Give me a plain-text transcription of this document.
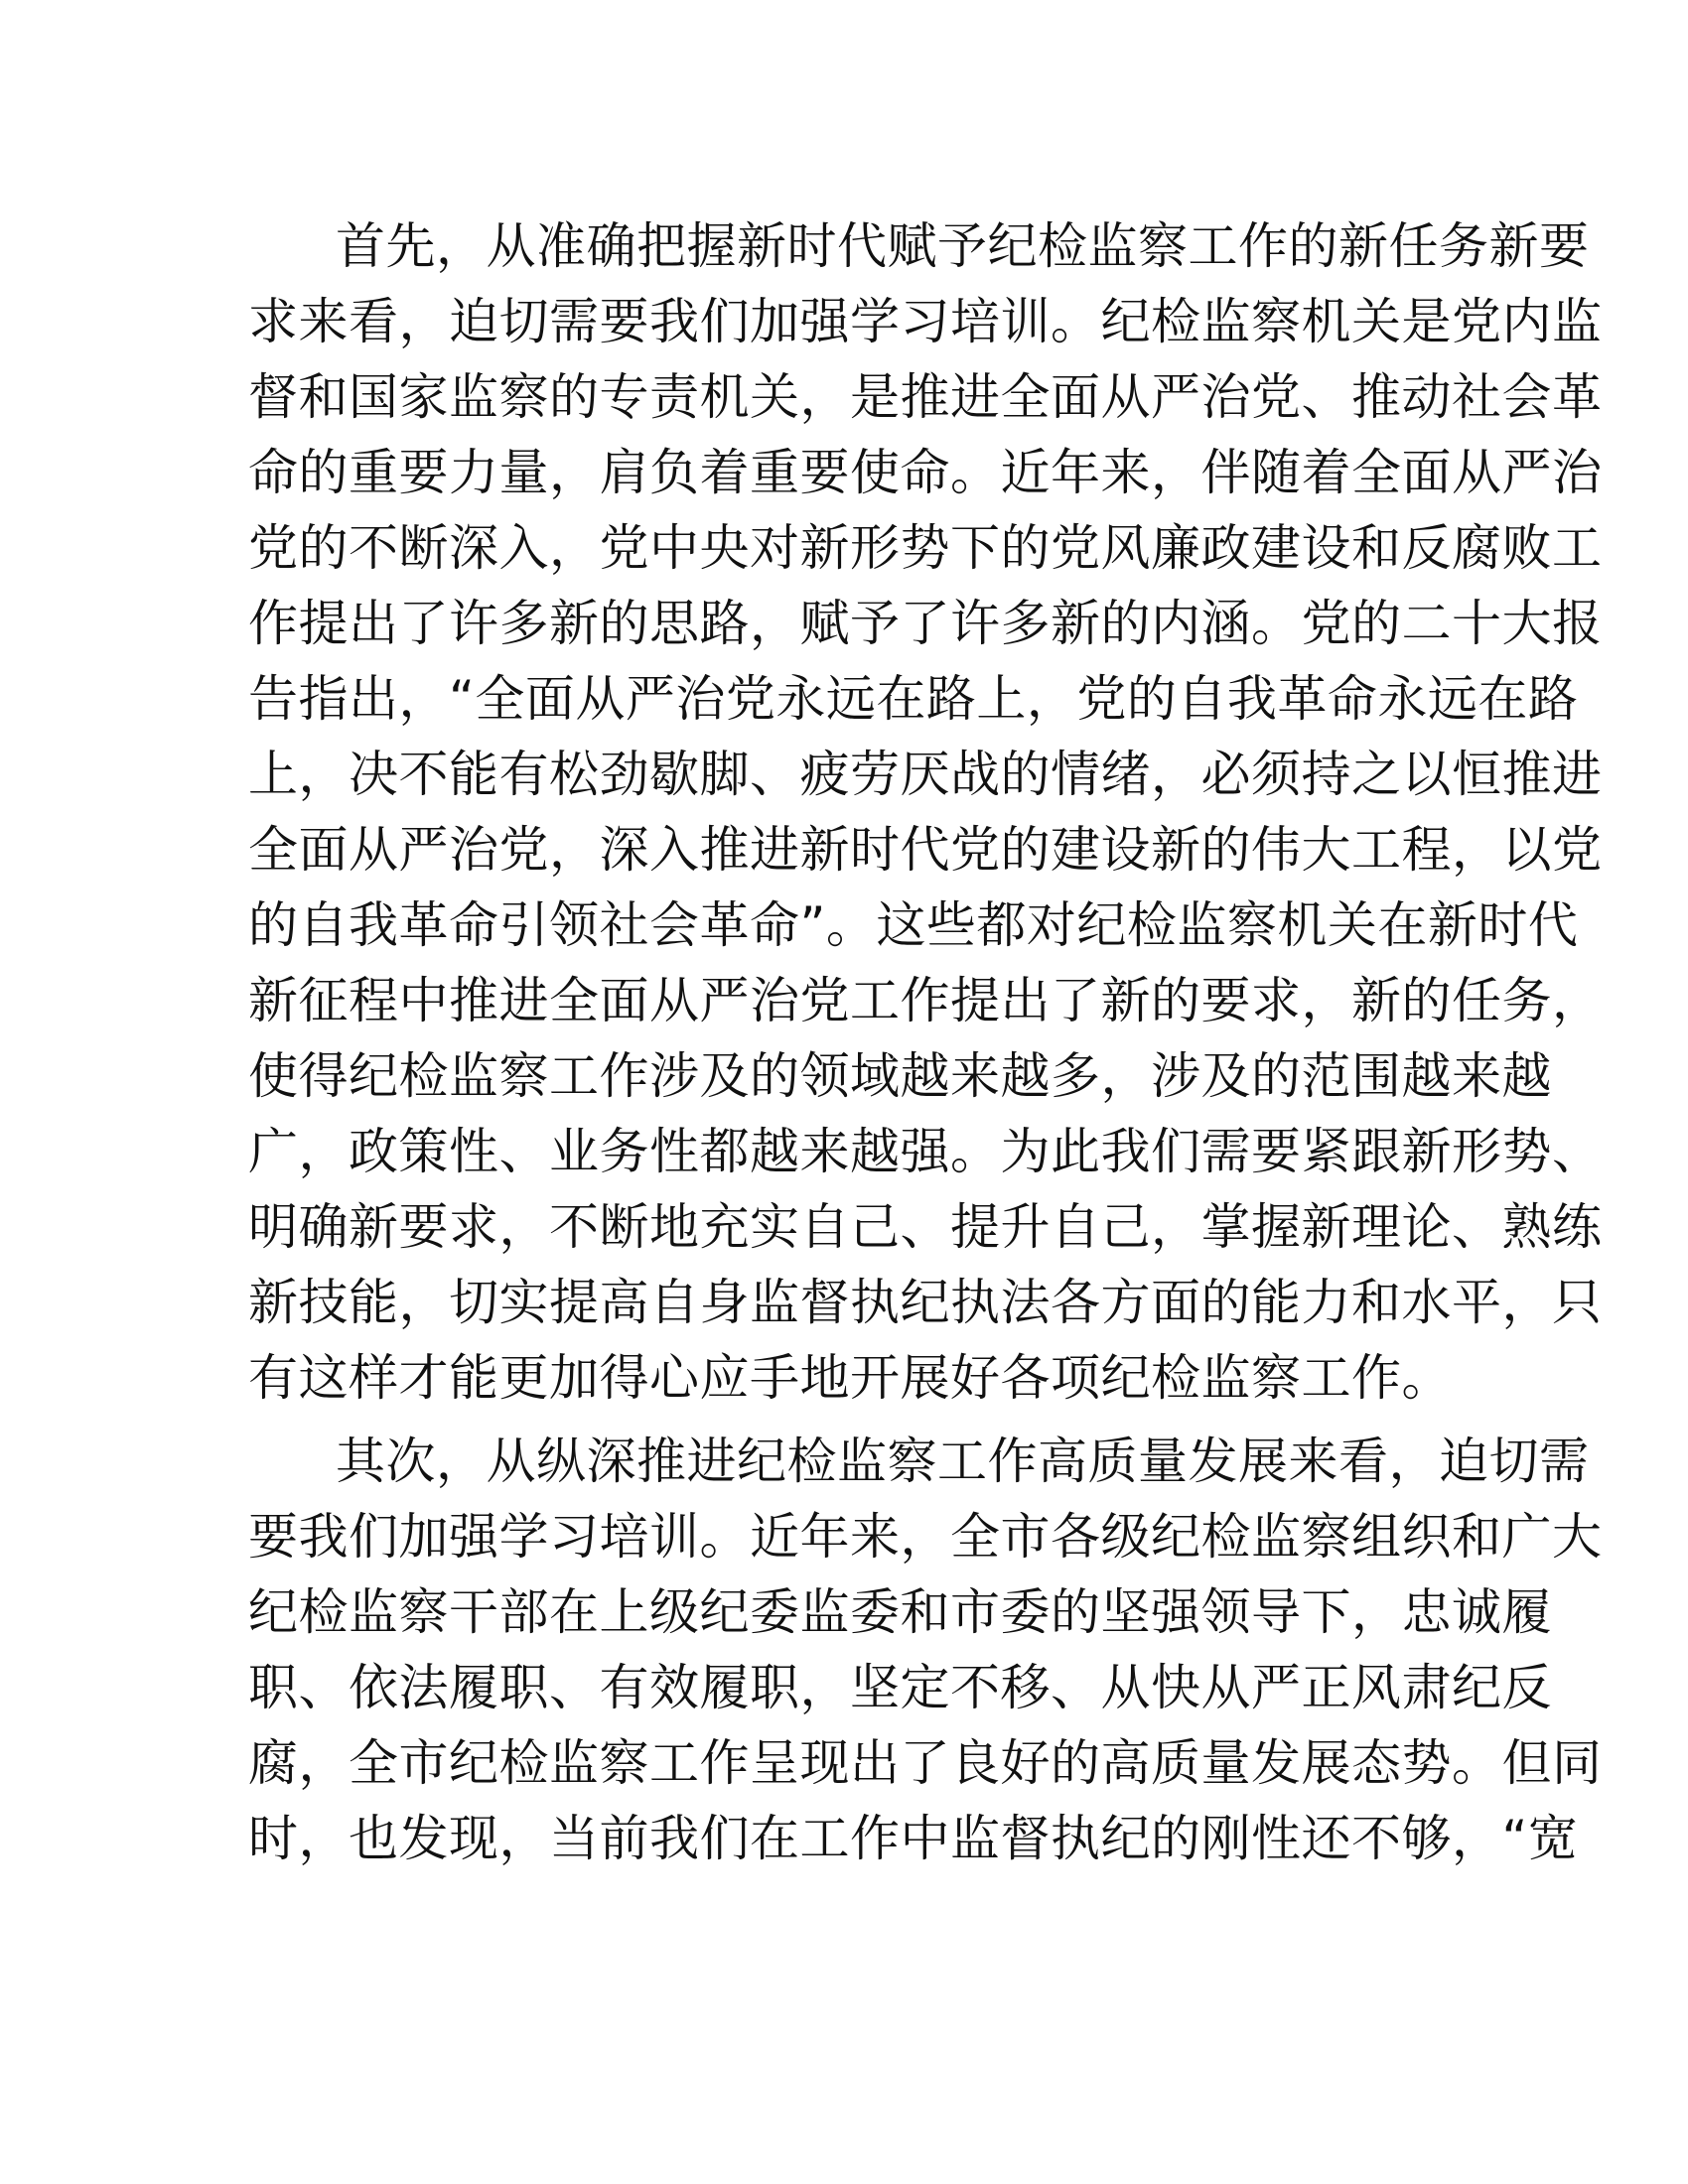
首先，从准确把握新时代赋予纪检监察工作的新任务新要
求来看，迫切需要我们加强学习培训。纪检监察机关是党内监
督和国家监察的专责机关，是推进全面从严治党、推动社会革
命的重要力量，肩负着重要使命。近年来，伴随着全面从严治
党的不断深入，党中央对新形势下的党风廉政建设和反腐败工
作提出了许多新的思路，赋予了许多新的内涵。党的二十大报
告指出，“全面从严治党永远在路上，党的自我革命永远在路
上，决不能有松劲歇脚、疲劳厌战的情绪，必须持之以恒推进
全面从严治党，深入推进新时代党的建设新的伟大工程，以党
的自我革命引领社会革命”。这些都对纪检监察机关在新时代
新征程中推进全面从严治党工作提出了新的要求，新的任务，
使得纪检监察工作涉及的领域越来越多，涉及的范围越来越
广，政策性、业务性都越来越强。为此我们需要紧跟新形势、
明确新要求，不断地充实自己、提升自己，掌握新理论、熟练
新技能，切实提高自身监督执纪执法各方面的能力和水平，只
有这样才能更加得心应手地开展好各项纪检监察工作。

其次，从纵深推进纪检监察工作高质量发展来看，迫切需
要我们加强学习培训。近年来，全市各级纪检监察组织和广大
纪检监察干部在上级纪委监委和市委的坚强领导下，忠诚履
职、依法履职、有效履职，坚定不移、从快从严正风肃纪反
腐，全市纪检监察工作呈现出了良好的高质量发展态势。但同
时，也发现，当前我们在工作中监督执纪的刚性还不够，“宽
